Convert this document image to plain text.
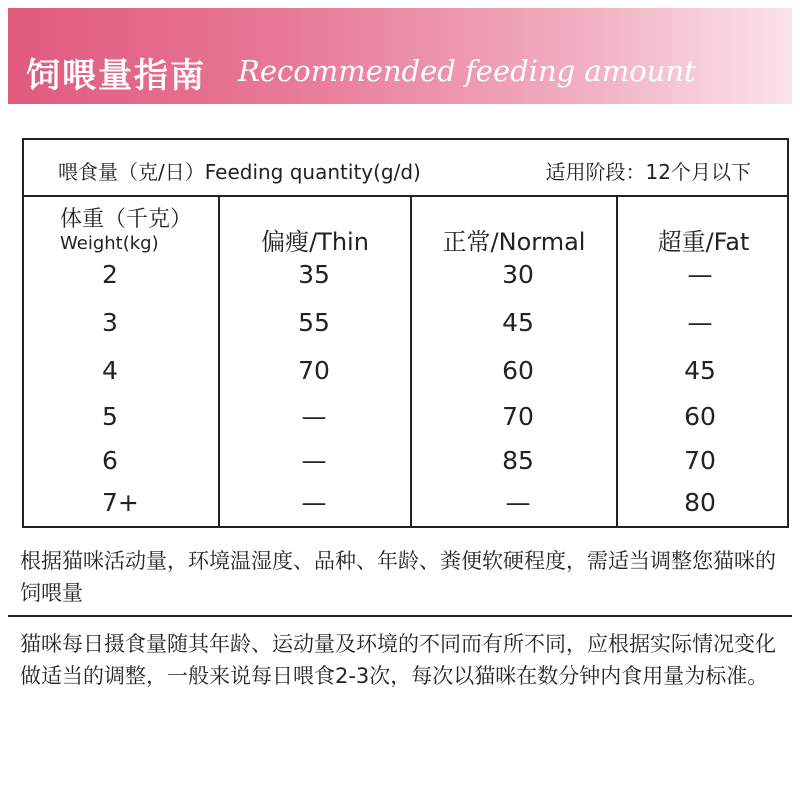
饲喂量指南 Recommended feeding amount
喂食量（克/日）Feeding quantity(g/d)	适用阶段：12个月以下
体重（千克）
Weight(kg)	偏瘦/Thin	正常/Normal	超重/Fat
2	35	30	—
3	55	45	—
4	70	60	45
5	—	70	60
6	—	85	70
7+	—	—	80
根据猫咪活动量，环境温湿度、品种、年龄、粪便软硬程度，需适当调整您猫咪的饲喂量
猫咪每日摄食量随其年龄、运动量及环境的不同而有所不同，应根据实际情况变化做适当的调整，一般来说每日喂食2-3次，每次以猫咪在数分钟内食用量为标准。
